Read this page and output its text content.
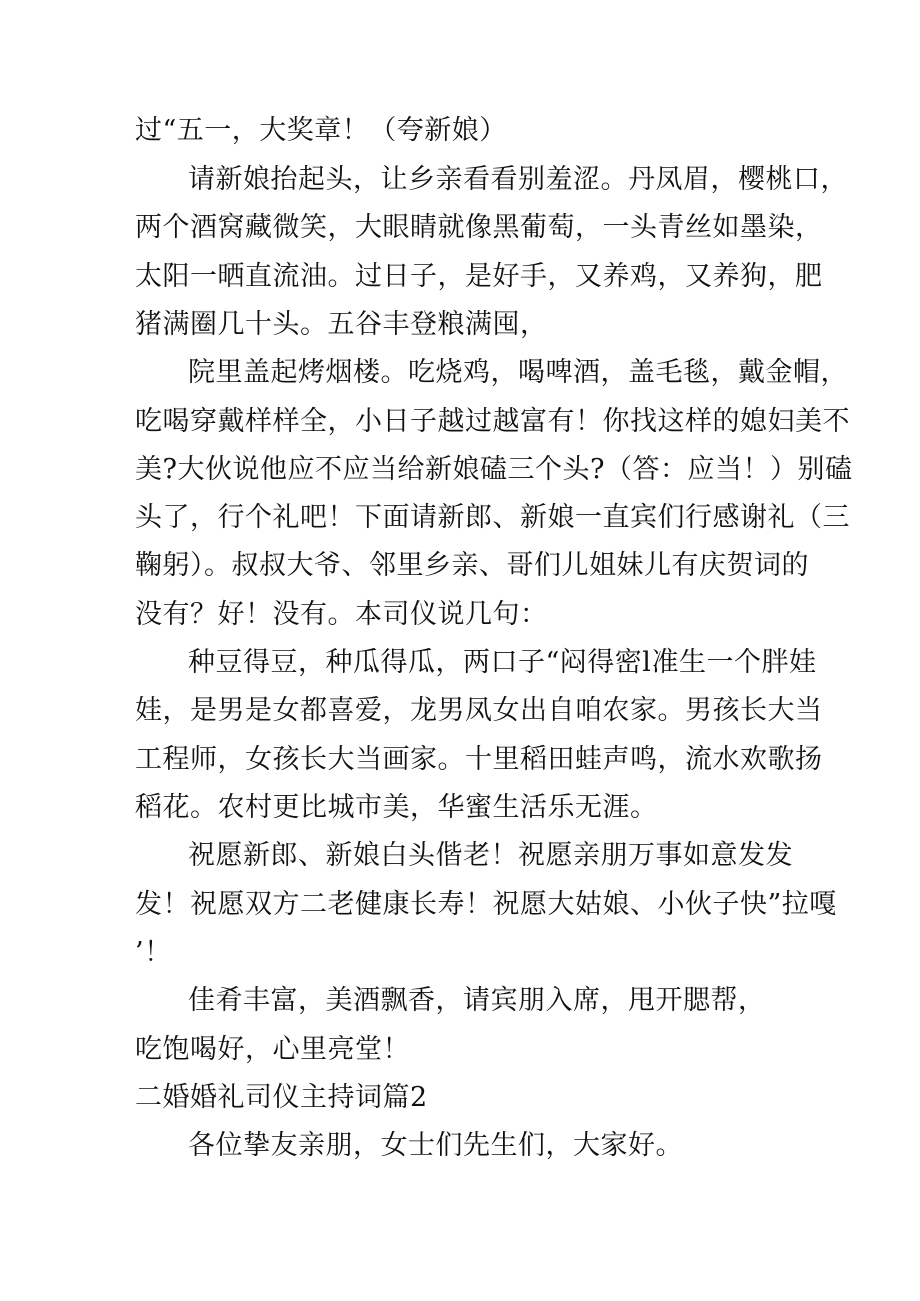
过“五一，大奖章！（夸新娘）
请新娘抬起头，让乡亲看看别羞涩。丹凤眉，樱桃口，
两个酒窝藏微笑，大眼睛就像黑葡萄，一头青丝如墨染，
太阳一晒直流油。过日子，是好手，又养鸡，又养狗，肥
猪满圈几十头。五谷丰登粮满囤，
院里盖起烤烟楼。吃烧鸡，喝啤酒，盖毛毯，戴金帽，
吃喝穿戴样样全，小日子越过越富有！你找这样的媳妇美不
美?大伙说他应不应当给新娘磕三个头?（答：应当！）别磕
头了，行个礼吧！下面请新郎、新娘一直宾们行感谢礼（三
鞠躬）。叔叔大爷、邻里乡亲、哥们儿姐妹儿有庆贺词的
没有？好！没有。本司仪说几句：
种豆得豆，种瓜得瓜，两口子“闷得密l准生一个胖娃
娃，是男是女都喜爱，龙男凤女出自咱农家。男孩长大当
工程师，女孩长大当画家。十里稻田蛙声鸣，流水欢歌扬
稻花。农村更比城市美，华蜜生活乐无涯。
祝愿新郎、新娘白头偕老！祝愿亲朋万事如意发发
发！祝愿双方二老健康长寿！祝愿大姑娘、小伙子快”拉嘎
’！
佳肴丰富，美酒飘香，请宾朋入席，甩开腮帮，
吃饱喝好，心里亮堂！
二婚婚礼司仪主持词篇2
各位挚友亲朋，女士们先生们，大家好。
